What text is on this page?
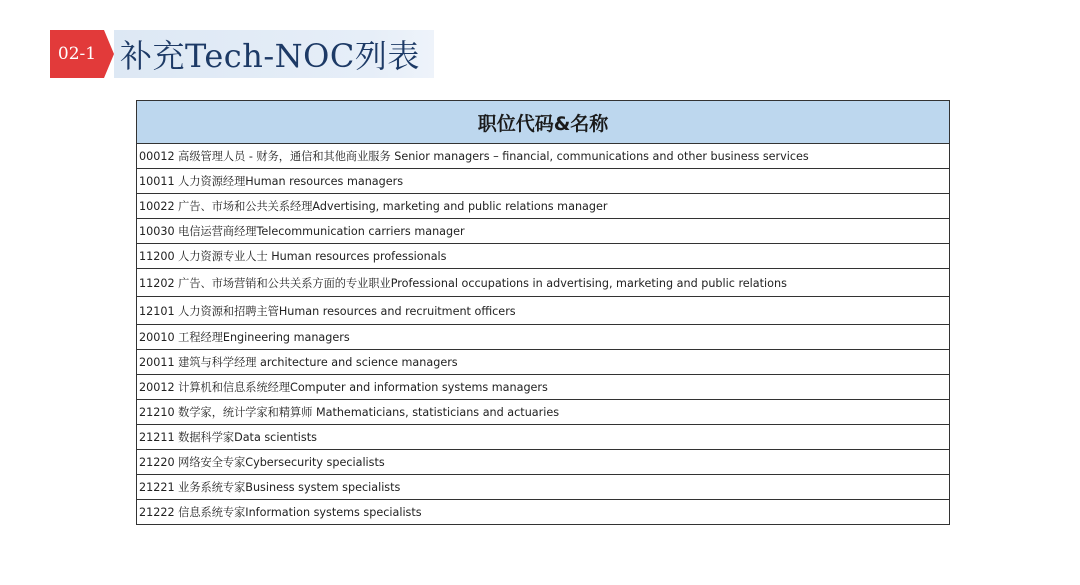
02-1 补充Tech-NOC列表
职位代码&名称
00012 高级管理人员 - 财务，通信和其他商业服务 Senior managers – financial, communications and other business services
10011 人力资源经理Human resources managers
10022 广告、市场和公共关系经理Advertising, marketing and public relations manager
10030 电信运营商经理Telecommunication carriers manager
11200 人力资源专业人士 Human resources professionals
11202 广告、市场营销和公共关系方面的专业职业Professional occupations in advertising, marketing and public relations
12101 人力资源和招聘主管Human resources and recruitment officers
20010 工程经理Engineering managers
20011 建筑与科学经理 architecture and science managers
20012 计算机和信息系统经理Computer and information systems managers
21210 数学家，统计学家和精算师 Mathematicians, statisticians and actuaries
21211 数据科学家Data scientists
21220 网络安全专家Cybersecurity specialists
21221 业务系统专家Business system specialists
21222 信息系统专家Information systems specialists
